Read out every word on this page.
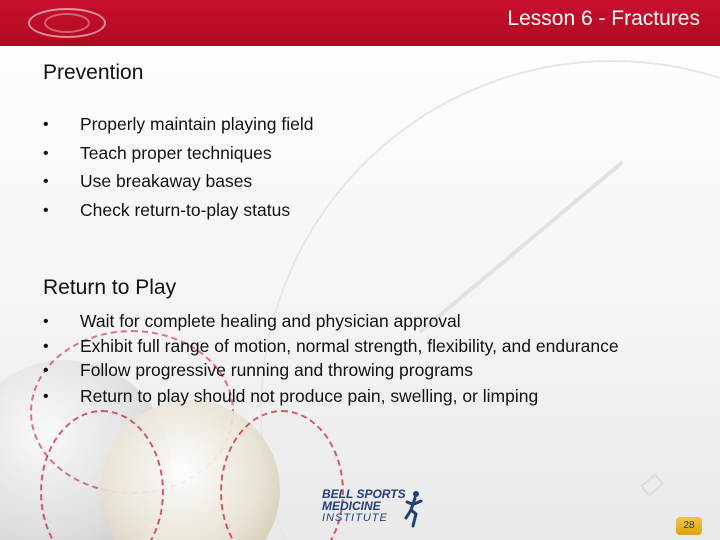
Lesson 6 - Fractures
Prevention
• Properly maintain playing field
• Teach proper techniques
• Use breakaway bases
• Check return-to-play status
Return to Play
• Wait for complete healing and physician approval
• Exhibit full range of motion, normal strength, flexibility, and endurance
• Follow progressive running and throwing programs
• Return to play should not produce pain, swelling, or limping
BELL SPORTS
MEDICINE
INSTITUTE
28
